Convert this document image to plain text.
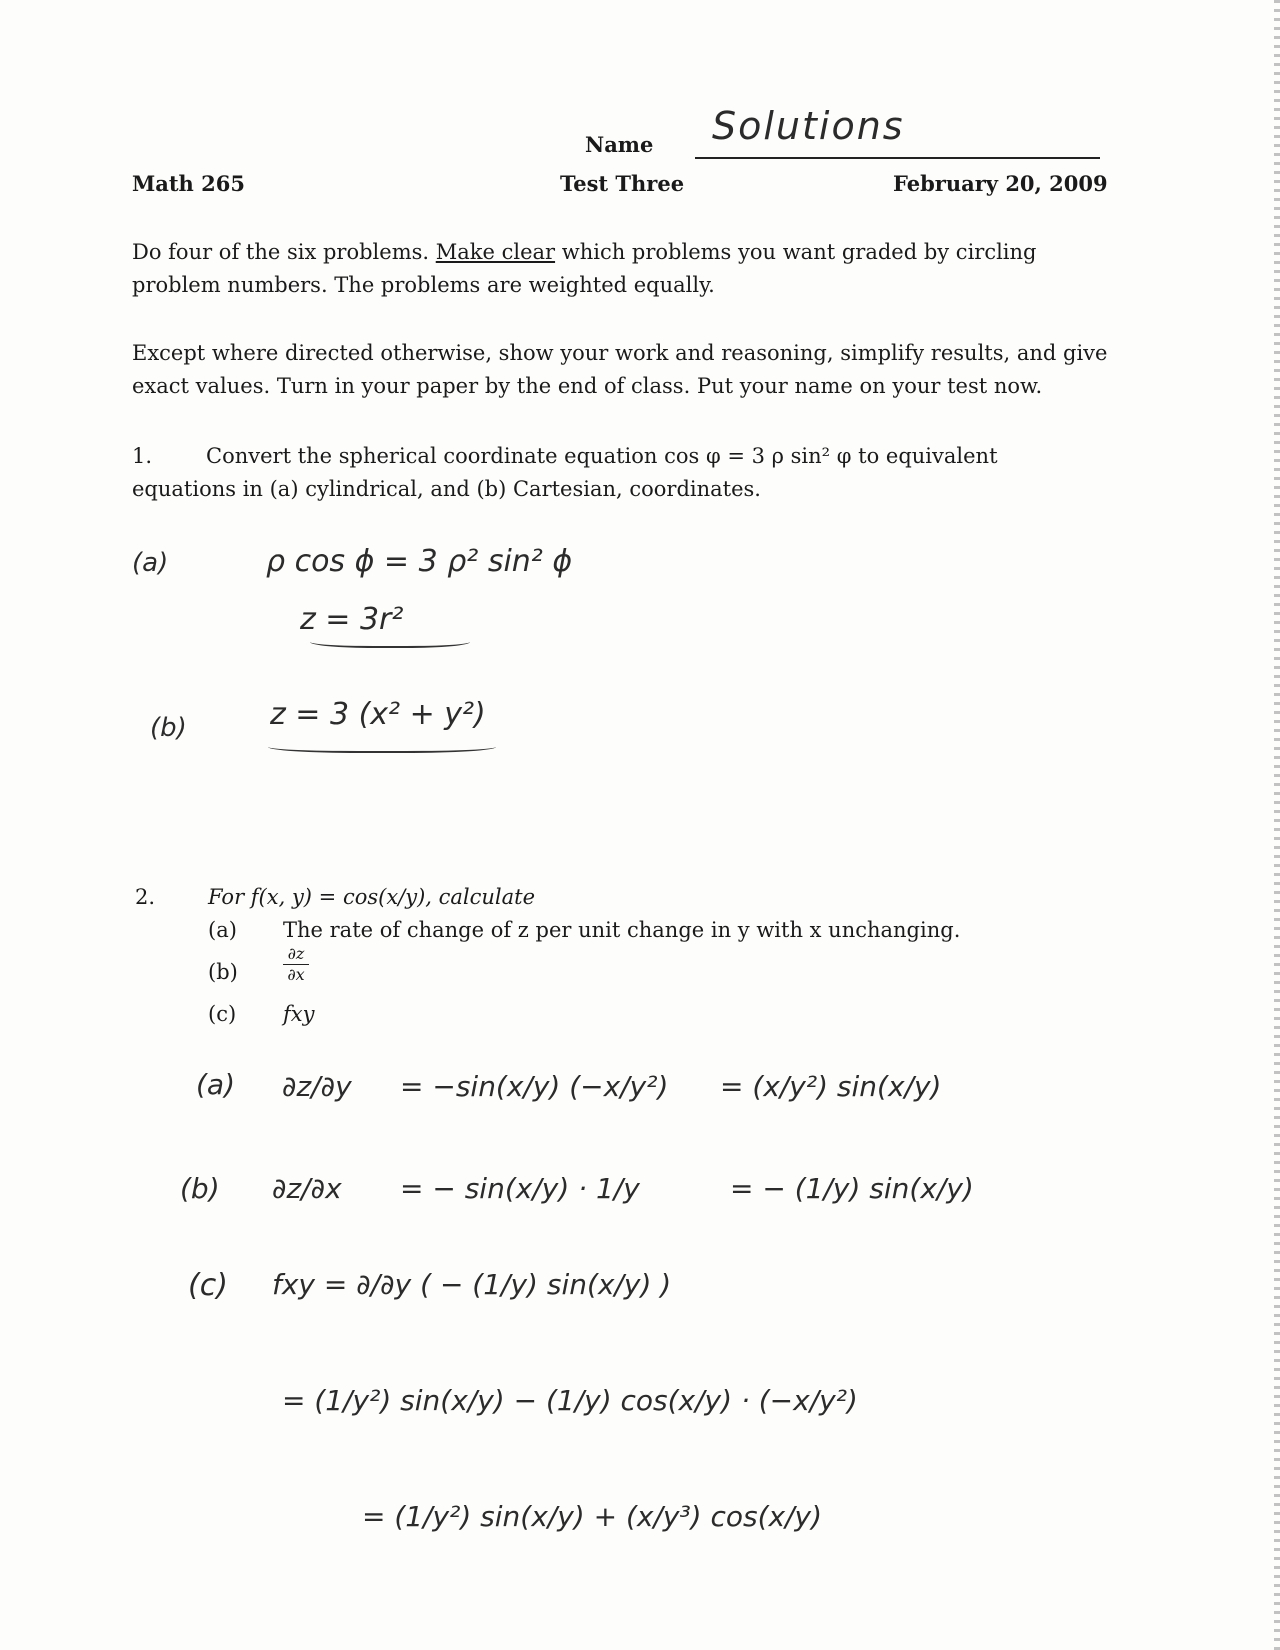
Name Solutions
Math 265	Test Three	February 20, 2009
Do four of the six problems. Make clear which problems you want graded by circling
problem numbers. The problems are weighted equally.
Except where directed otherwise, show your work and reasoning, simplify results, and give
exact values. Turn in your paper by the end of class. Put your name on your test now.
1.	Convert the spherical coordinate equation cos φ = 3 ρ sin² φ to equivalent
equations in (a) cylindrical, and (b) Cartesian, coordinates.
(a)	ρ cos ϕ = 3 ρ² sin² ϕ
z = 3r²
(b)	z = 3 (x² + y²)
2.	For f(x, y) = cos(x/y), calculate
(a) The rate of change of z per unit change in y with x unchanging.
(b)
∂z
∂x
(c) fxy
(a) ∂z/∂y = −sin(x/y) (−x/y²) = (x/y²) sin(x/y)
(b) ∂z/∂x = − sin(x/y) · 1/y	= − (1/y) sin(x/y)
(c) fxy = ∂/∂y ( − (1/y) sin(x/y) )
= (1/y²) sin(x/y) − (1/y) cos(x/y) · (−x/y²)
= (1/y²) sin(x/y) + (x/y³) cos(x/y)
